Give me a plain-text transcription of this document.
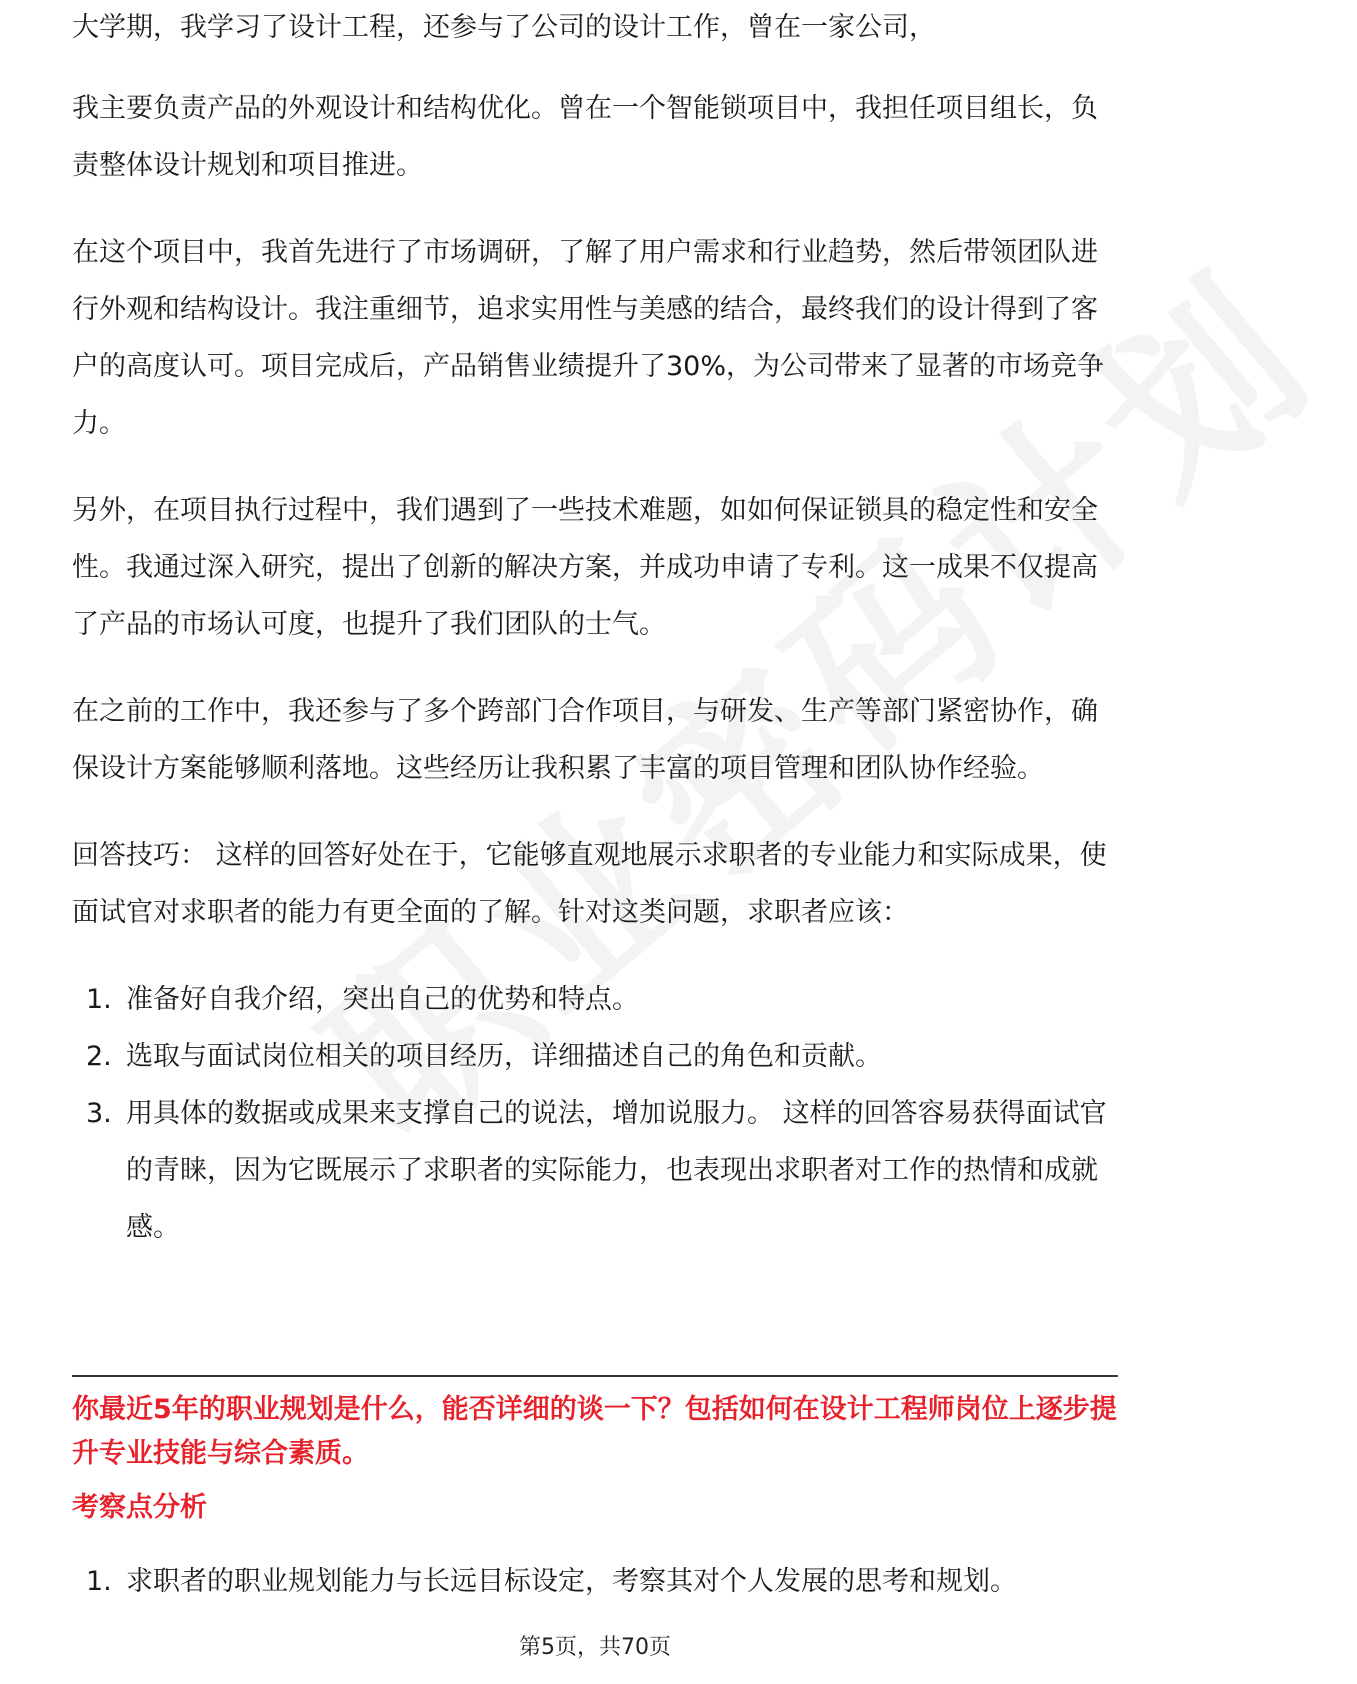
大学期，我学习了设计工程，还参与了公司的设计工作，曾在一家公司，

我主要负责产品的外观设计和结构优化。曾在一个智能锁项目中，我担任项目组长，负责整体设计规划和项目推进。

在这个项目中，我首先进行了市场调研，了解了用户需求和行业趋势，然后带领团队进行外观和结构设计。我注重细节，追求实用性与美感的结合，最终我们的设计得到了客户的高度认可。项目完成后，产品销售业绩提升了30%，为公司带来了显著的市场竞争力。

另外，在项目执行过程中，我们遇到了一些技术难题，如如何保证锁具的稳定性和安全性。我通过深入研究，提出了创新的解决方案，并成功申请了专利。这一成果不仅提高了产品的市场认可度，也提升了我们团队的士气。

在之前的工作中，我还参与了多个跨部门合作项目，与研发、生产等部门紧密协作，确保设计方案能够顺利落地。这些经历让我积累了丰富的项目管理和团队协作经验。

回答技巧： 这样的回答好处在于，它能够直观地展示求职者的专业能力和实际成果，使面试官对求职者的能力有更全面的了解。针对这类问题，求职者应该：

1. 准备好自我介绍，突出自己的优势和特点。
2. 选取与面试岗位相关的项目经历，详细描述自己的角色和贡献。
3. 用具体的数据或成果来支撑自己的说法，增加说服力。 这样的回答容易获得面试官的青睐，因为它既展示了求职者的实际能力，也表现出求职者对工作的热情和成就感。
你最近5年的职业规划是什么，能否详细的谈一下？包括如何在设计工程师岗位上逐步提升专业技能与综合素质。
考察点分析
1. 求职者的职业规划能力与长远目标设定，考察其对个人发展的思考和规划。
第5页，共70页
